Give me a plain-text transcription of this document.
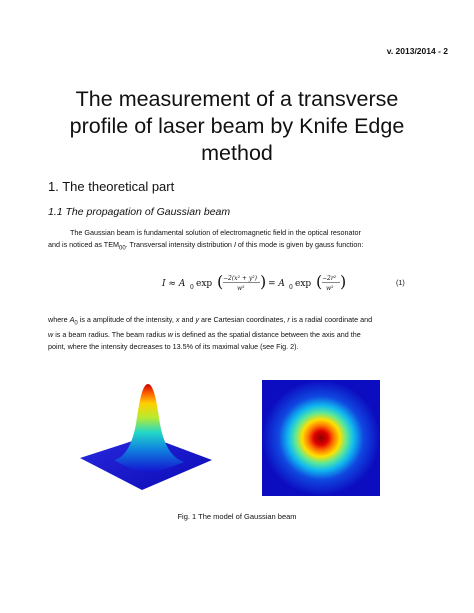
v. 2013/2014 - 2
The measurement of a transverse
profile of laser beam by Knife Edge
method
1. The theoretical part
1.1 The propagation of Gaussian beam
The Gaussian beam is fundamental solution of electromagnetic field in the optical resonator
and is noticed as $TEM_{00}$. Transversal intensity distribution I of this mode is given by gauss function:
I ≈ A 0 exp ( −2(x² + y²)
w² ) = A 0 exp ( −2r²
w² )	(1)
where $A_0$ is a amplitude of the intensity, x and y are Cartesian coordinates, r is a radial coordinate and
w is a beam radius. The beam radius w is defined as the spatial distance between the axis and the
point, where the intensity decreases to 13.5% of its maximal value (see Fig. 2).
Fig. 1 The model of Gaussian beam
